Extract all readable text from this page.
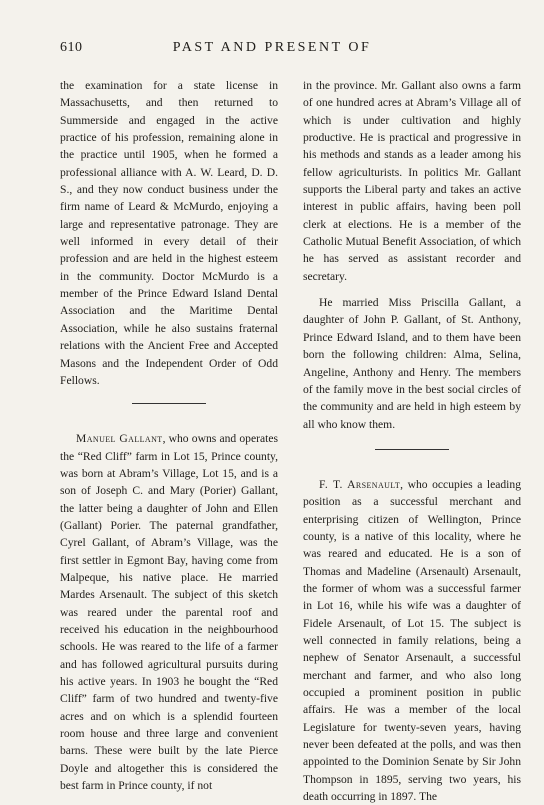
610	PAST AND PRESENT OF

the examination for a state license in Massachusetts, and then returned to Summerside and engaged in the active practice of his profession, remaining alone in the practice until 1905, when he formed a professional alliance with A. W. Leard, D. D. S., and they now conduct business under the firm name of Leard & McMurdo, enjoying a large and representative patronage. They are well informed in every detail of their profession and are held in the highest esteem in the community. Doctor McMurdo is a member of the Prince Edward Island Dental Association and the Maritime Dental Association, while he also sustains fraternal relations with the Ancient Free and Accepted Masons and the Independent Order of Odd Fellows.

Manuel Gallant, who owns and operates the “Red Cliff” farm in Lot 15, Prince county, was born at Abram’s Village, Lot 15, and is a son of Joseph C. and Mary (Porier) Gallant, the latter being a daughter of John and Ellen (Gallant) Porier. The paternal grandfather, Cyrel Gallant, of Abram’s Village, was the first settler in Egmont Bay, having come from Malpeque, his native place. He married Mardes Arsenault. The subject of this sketch was reared under the parental roof and received his education in the neighbourhood schools. He was reared to the life of a farmer and has followed agricultural pursuits during his active years. In 1903 he bought the “Red Cliff” farm of two hundred and twenty-five acres and on which is a splendid fourteen room house and three large and convenient barns. These were built by the late Pierce Doyle and altogether this is considered the best farm in Prince county, if not

in the province. Mr. Gallant also owns a farm of one hundred acres at Abram’s Village all of which is under cultivation and highly productive. He is practical and progressive in his methods and stands as a leader among his fellow agriculturists. In politics Mr. Gallant supports the Liberal party and takes an active interest in public affairs, having been poll clerk at elections. He is a member of the Catholic Mutual Benefit Association, of which he has served as assistant recorder and secretary.

He married Miss Priscilla Gallant, a daughter of John P. Gallant, of St. Anthony, Prince Edward Island, and to them have been born the following children: Alma, Selina, Angeline, Anthony and Henry. The members of the family move in the best social circles of the community and are held in high esteem by all who know them.

F. T. Arsenault, who occupies a leading position as a successful merchant and enterprising citizen of Wellington, Prince county, is a native of this locality, where he was reared and educated. He is a son of Thomas and Madeline (Arsenault) Arsenault, the former of whom was a successful farmer in Lot 16, while his wife was a daughter of Fidele Arsenault, of Lot 15. The subject is well connected in family relations, being a nephew of Senator Arsenault, a successful merchant and farmer, and who also long occupied a prominent position in public affairs. He was a member of the local Legislature for twenty-seven years, having never been defeated at the polls, and was then appointed to the Dominion Senate by Sir John Thompson in 1895, serving two years, his death occurring in 1897. The
